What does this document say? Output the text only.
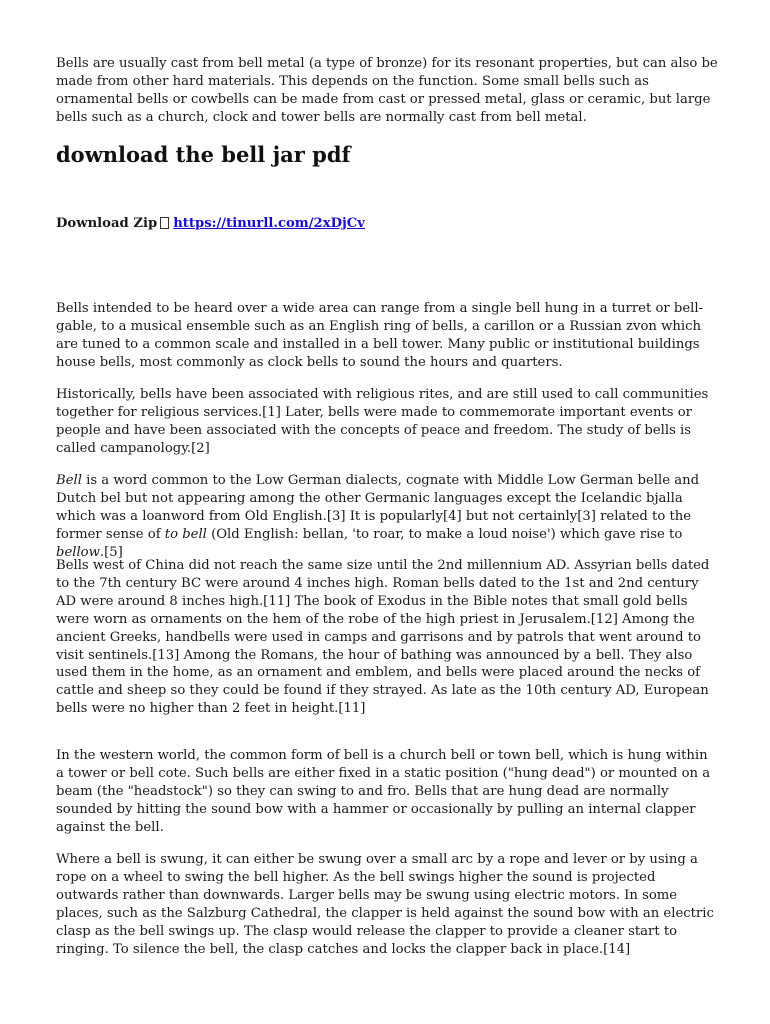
Bells are usually cast from bell metal (a type of bronze) for its resonant properties, but can also be made from other hard materials. This depends on the function. Some small bells such as ornamental bells or cowbells can be made from cast or pressed metal, glass or ceramic, but large bells such as a church, clock and tower bells are normally cast from bell metal.

download the bell jar pdf

Download Zip https://tinurll.com/2xDjCv

Bells intended to be heard over a wide area can range from a single bell hung in a turret or bell-gable, to a musical ensemble such as an English ring of bells, a carillon or a Russian zvon which are tuned to a common scale and installed in a bell tower. Many public or institutional buildings house bells, most commonly as clock bells to sound the hours and quarters.

Historically, bells have been associated with religious rites, and are still used to call communities together for religious services.[1] Later, bells were made to commemorate important events or people and have been associated with the concepts of peace and freedom. The study of bells is called campanology.[2]

Bell is a word common to the Low German dialects, cognate with Middle Low German belle and Dutch bel but not appearing among the other Germanic languages except the Icelandic bjalla which was a loanword from Old English.[3] It is popularly[4] but not certainly[3] related to the former sense of to bell (Old English: bellan, 'to roar, to make a loud noise') which gave rise to bellow.[5]

Bells west of China did not reach the same size until the 2nd millennium AD. Assyrian bells dated to the 7th century BC were around 4 inches high. Roman bells dated to the 1st and 2nd century AD were around 8 inches high.[11] The book of Exodus in the Bible notes that small gold bells were worn as ornaments on the hem of the robe of the high priest in Jerusalem.[12] Among the ancient Greeks, handbells were used in camps and garrisons and by patrols that went around to visit sentinels.[13] Among the Romans, the hour of bathing was announced by a bell. They also used them in the home, as an ornament and emblem, and bells were placed around the necks of cattle and sheep so they could be found if they strayed. As late as the 10th century AD, European bells were no higher than 2 feet in height.[11]

In the western world, the common form of bell is a church bell or town bell, which is hung within a tower or bell cote. Such bells are either fixed in a static position ("hung dead") or mounted on a beam (the "headstock") so they can swing to and fro. Bells that are hung dead are normally sounded by hitting the sound bow with a hammer or occasionally by pulling an internal clapper against the bell.

Where a bell is swung, it can either be swung over a small arc by a rope and lever or by using a rope on a wheel to swing the bell higher. As the bell swings higher the sound is projected outwards rather than downwards. Larger bells may be swung using electric motors. In some places, such as the Salzburg Cathedral, the clapper is held against the sound bow with an electric clasp as the bell swings up. The clasp would release the clapper to provide a cleaner start to ringing. To silence the bell, the clasp catches and locks the clapper back in place.[14]
